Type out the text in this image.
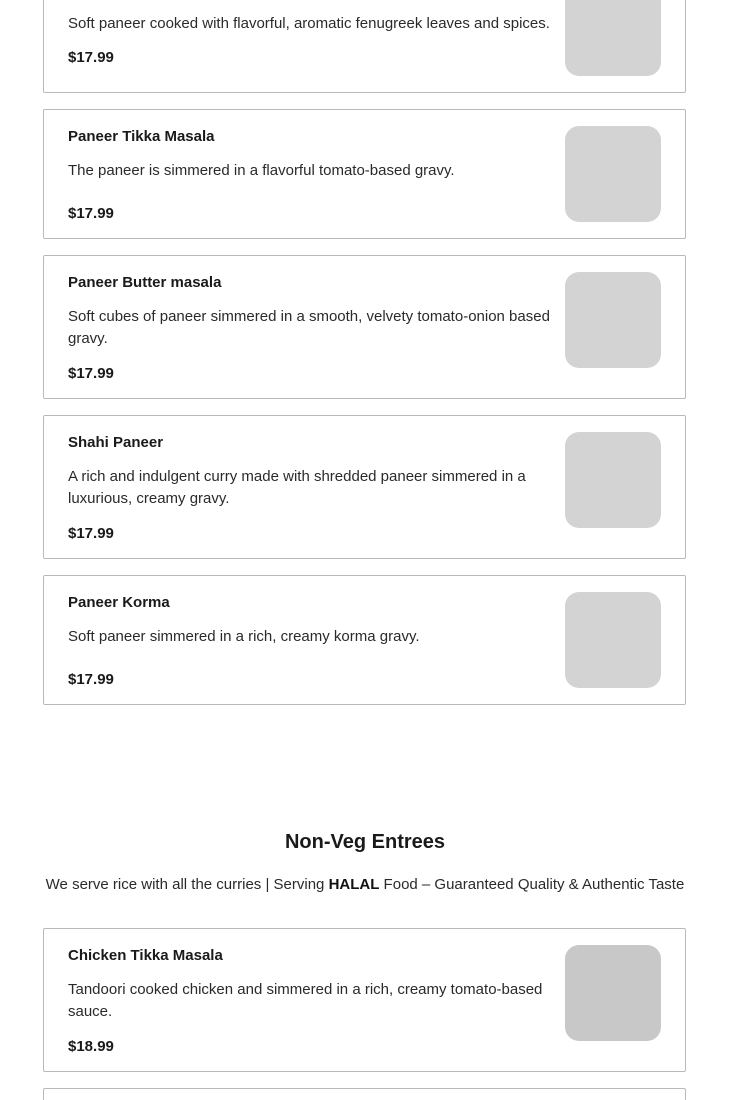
Soft paneer cooked with flavorful, aromatic fenugreek leaves and spices.
$17.99
Paneer Tikka Masala
The paneer is simmered in a flavorful tomato-based gravy.
$17.99
Paneer Butter masala
Soft cubes of paneer simmered in a smooth, velvety tomato-onion based gravy.
$17.99
Shahi Paneer
A rich and indulgent curry made with shredded paneer simmered in a luxurious, creamy gravy.
$17.99
Paneer Korma
Soft paneer simmered in a rich, creamy korma gravy.
$17.99
Non-Veg Entrees
We serve rice with all the curries | Serving HALAL Food – Guaranteed Quality & Authentic Taste
Chicken Tikka Masala
Tandoori cooked chicken and simmered in a rich, creamy tomato-based sauce.
$18.99
